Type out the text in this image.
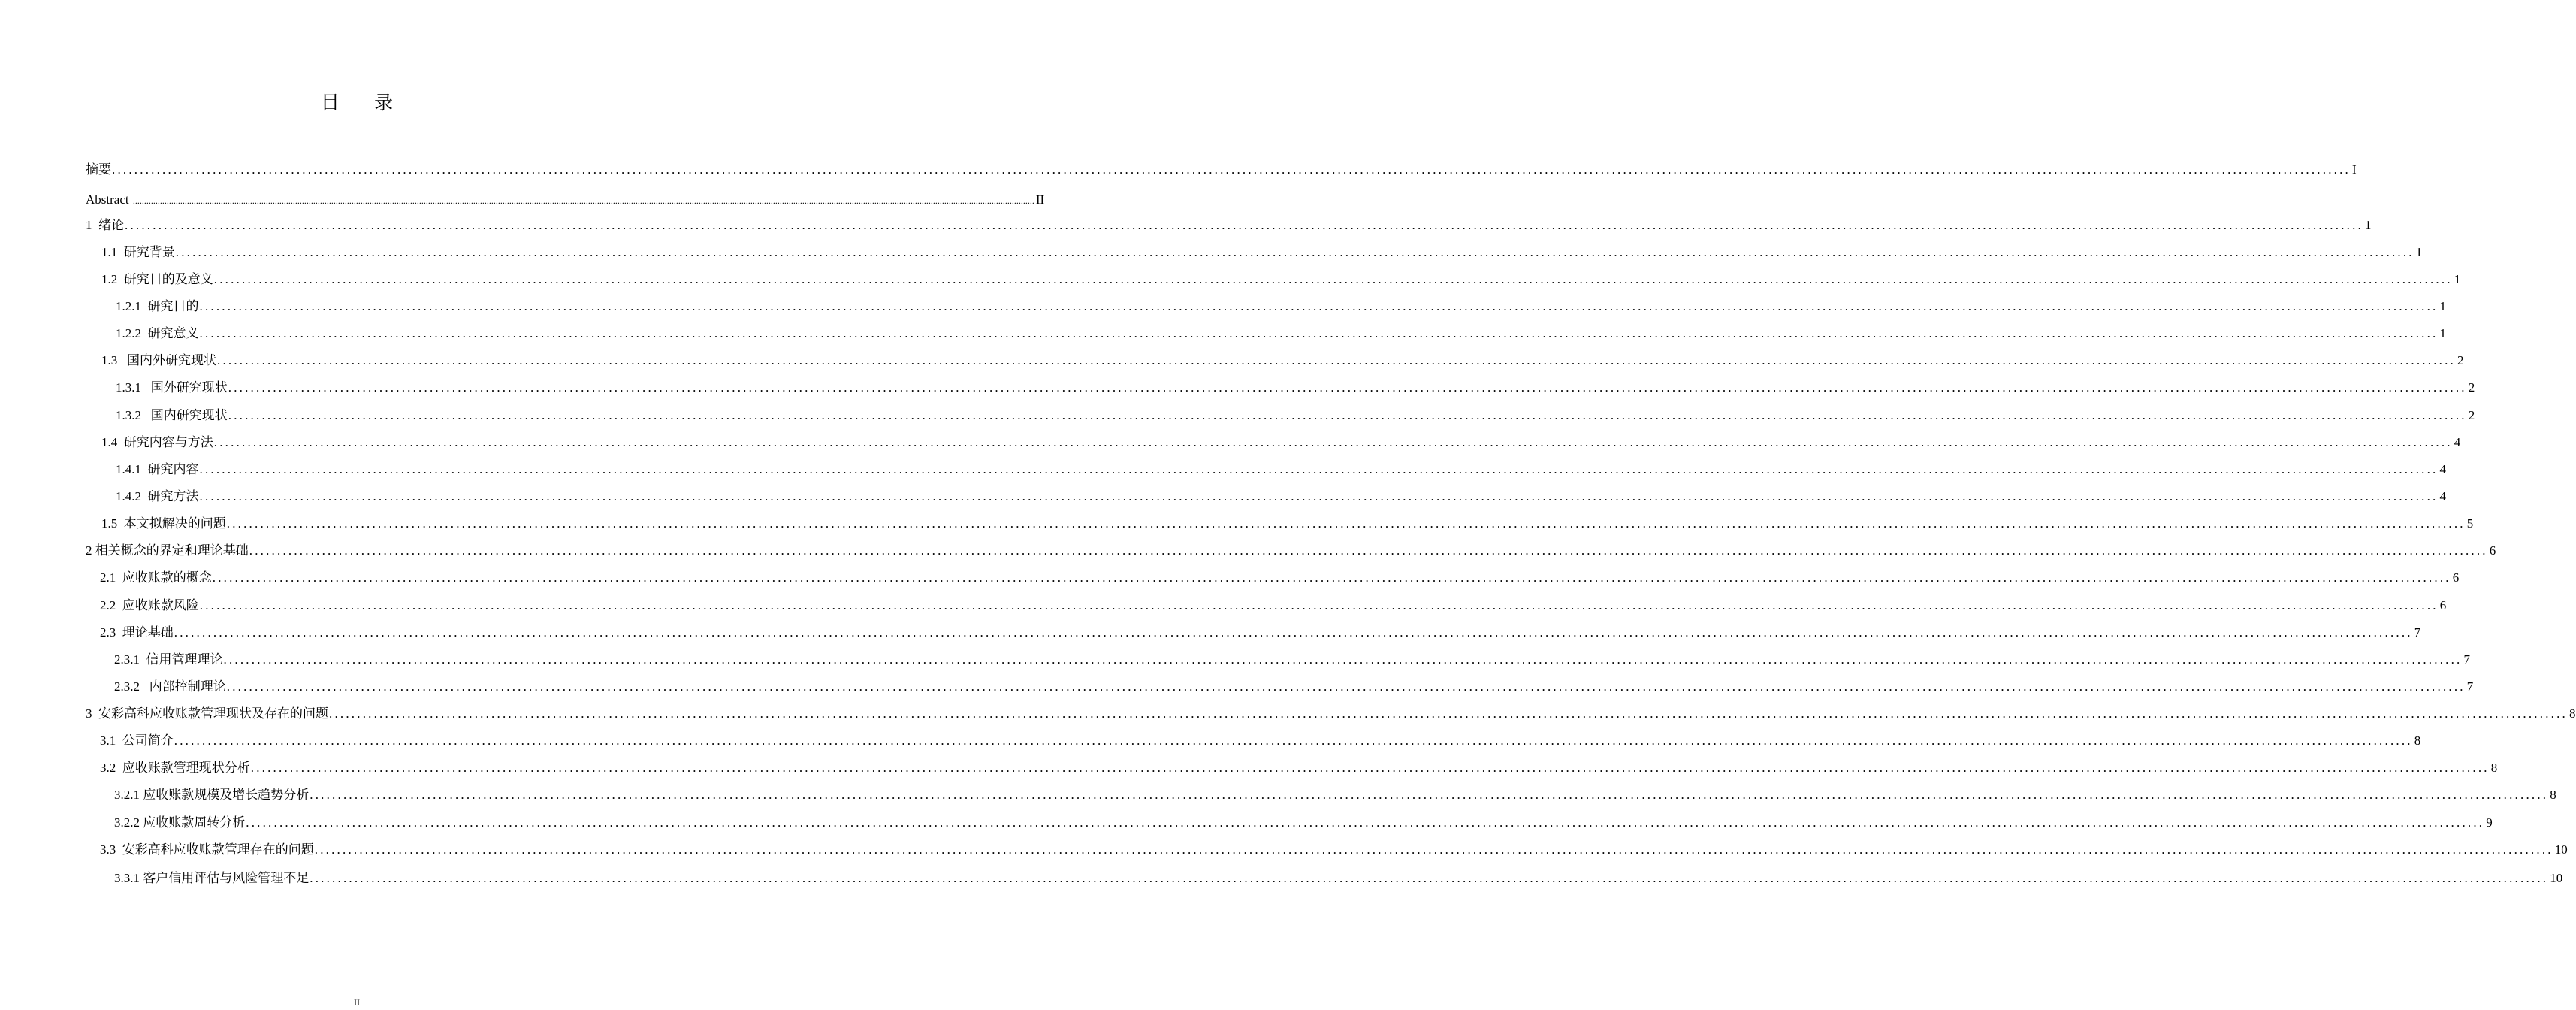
目 录
摘要 ................................................................................................................................................................................................................................................................................................................................................................................................................ I
Abstract ................................................................................................................................................................................................................................................................................................................................................................................................................ II
1  绪论 ................................................................................................................................................................................................................................................................................................................................................................................................................ 1
1.1  研究背景 ................................................................................................................................................................................................................................................................................................................................................................................................................ 1
1.2  研究目的及意义 ................................................................................................................................................................................................................................................................................................................................................................................................................ 1
1.2.1  研究目的 ................................................................................................................................................................................................................................................................................................................................................................................................................ 1
1.2.2  研究意义 ................................................................................................................................................................................................................................................................................................................................................................................................................ 1
1.3   国内外研究现状 ................................................................................................................................................................................................................................................................................................................................................................................................................ 2
1.3.1   国外研究现状 ................................................................................................................................................................................................................................................................................................................................................................................................................ 2
1.3.2   国内研究现状 ................................................................................................................................................................................................................................................................................................................................................................................................................ 2
1.4  研究内容与方法 ................................................................................................................................................................................................................................................................................................................................................................................................................ 4
1.4.1  研究内容 ................................................................................................................................................................................................................................................................................................................................................................................................................ 4
1.4.2  研究方法 ................................................................................................................................................................................................................................................................................................................................................................................................................ 4
1.5  本文拟解决的问题 ................................................................................................................................................................................................................................................................................................................................................................................................................ 5
2 相关概念的界定和理论基础 ................................................................................................................................................................................................................................................................................................................................................................................................................ 6
2.1  应收账款的概念 ................................................................................................................................................................................................................................................................................................................................................................................................................ 6
2.2  应收账款风险 ................................................................................................................................................................................................................................................................................................................................................................................................................ 6
2.3  理论基础 ................................................................................................................................................................................................................................................................................................................................................................................................................ 7
2.3.1  信用管理理论 ................................................................................................................................................................................................................................................................................................................................................................................................................ 7
2.3.2   内部控制理论 ................................................................................................................................................................................................................................................................................................................................................................................................................ 7
3  安彩高科应收账款管理现状及存在的问题 ................................................................................................................................................................................................................................................................................................................................................................................................................ 8
3.1  公司简介 ................................................................................................................................................................................................................................................................................................................................................................................................................ 8
3.2  应收账款管理现状分析 ................................................................................................................................................................................................................................................................................................................................................................................................................ 8
3.2.1 应收账款规模及增长趋势分析 ................................................................................................................................................................................................................................................................................................................................................................................................................ 8
3.2.2 应收账款周转分析 ................................................................................................................................................................................................................................................................................................................................................................................................................ 9
3.3  安彩高科应收账款管理存在的问题 ................................................................................................................................................................................................................................................................................................................................................................................................................ 10
3.3.1 客户信用评估与风险管理不足 ................................................................................................................................................................................................................................................................................................................................................................................................................ 10
II
